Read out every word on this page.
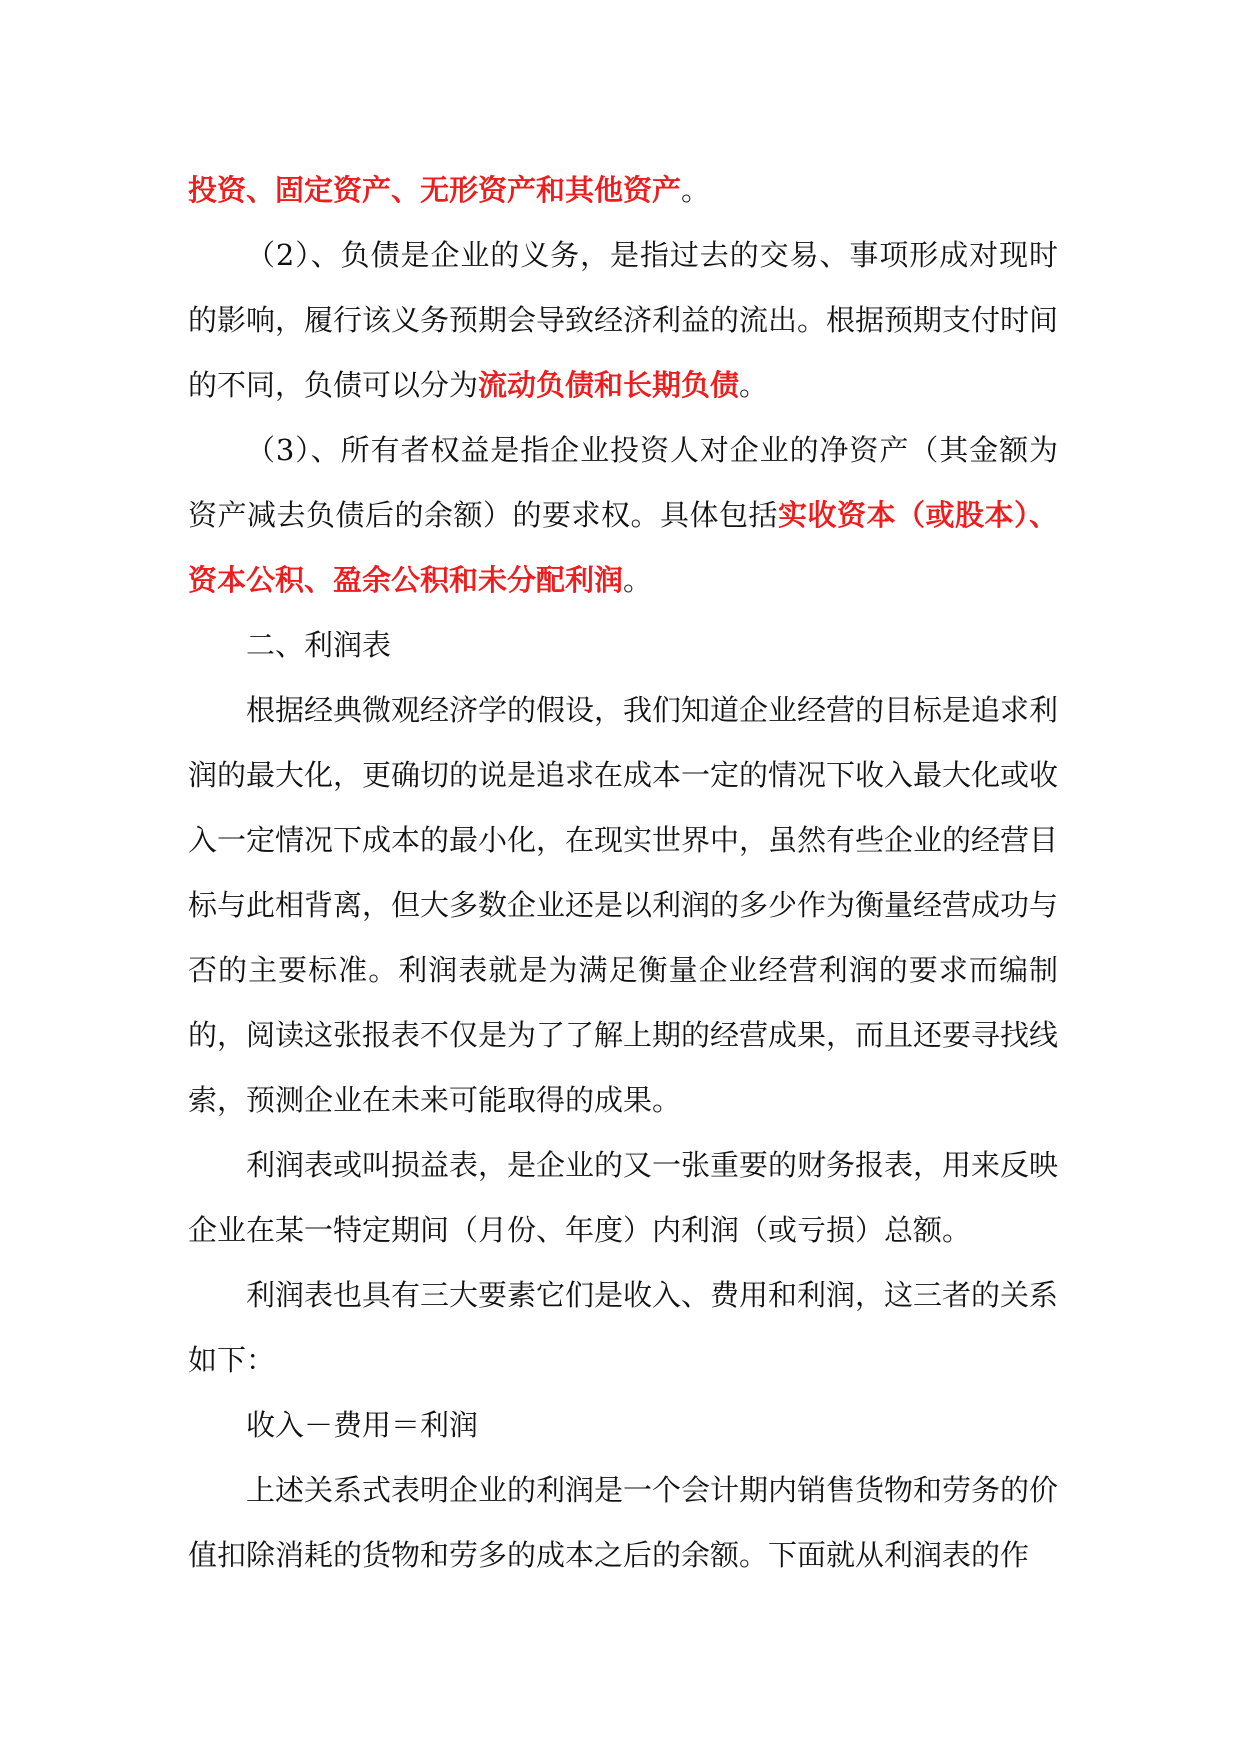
投资、固定资产、无形资产和其他资产。

（2）、负债是企业的义务，是指过去的交易、事项形成对现时的影响，履行该义务预期会导致经济利益的流出。根据预期支付时间的不同，负债可以分为流动负债和长期负债。

（3）、所有者权益是指企业投资人对企业的净资产（其金额为资产减去负债后的余额）的要求权。具体包括实收资本（或股本）、资本公积、盈余公积和未分配利润。

二、利润表

根据经典微观经济学的假设，我们知道企业经营的目标是追求利润的最大化，更确切的说是追求在成本一定的情况下收入最大化或收入一定情况下成本的最小化，在现实世界中，虽然有些企业的经营目标与此相背离，但大多数企业还是以利润的多少作为衡量经营成功与否的主要标准。利润表就是为满足衡量企业经营利润的要求而编制的，阅读这张报表不仅是为了了解上期的经营成果，而且还要寻找线索，预测企业在未来可能取得的成果。

利润表或叫损益表，是企业的又一张重要的财务报表，用来反映企业在某一特定期间（月份、年度）内利润（或亏损）总额。

利润表也具有三大要素它们是收入、费用和利润，这三者的关系如下：

收入－费用＝利润

上述关系式表明企业的利润是一个会计期内销售货物和劳务的价值扣除消耗的货物和劳多的成本之后的余额。下面就从利润表的作
